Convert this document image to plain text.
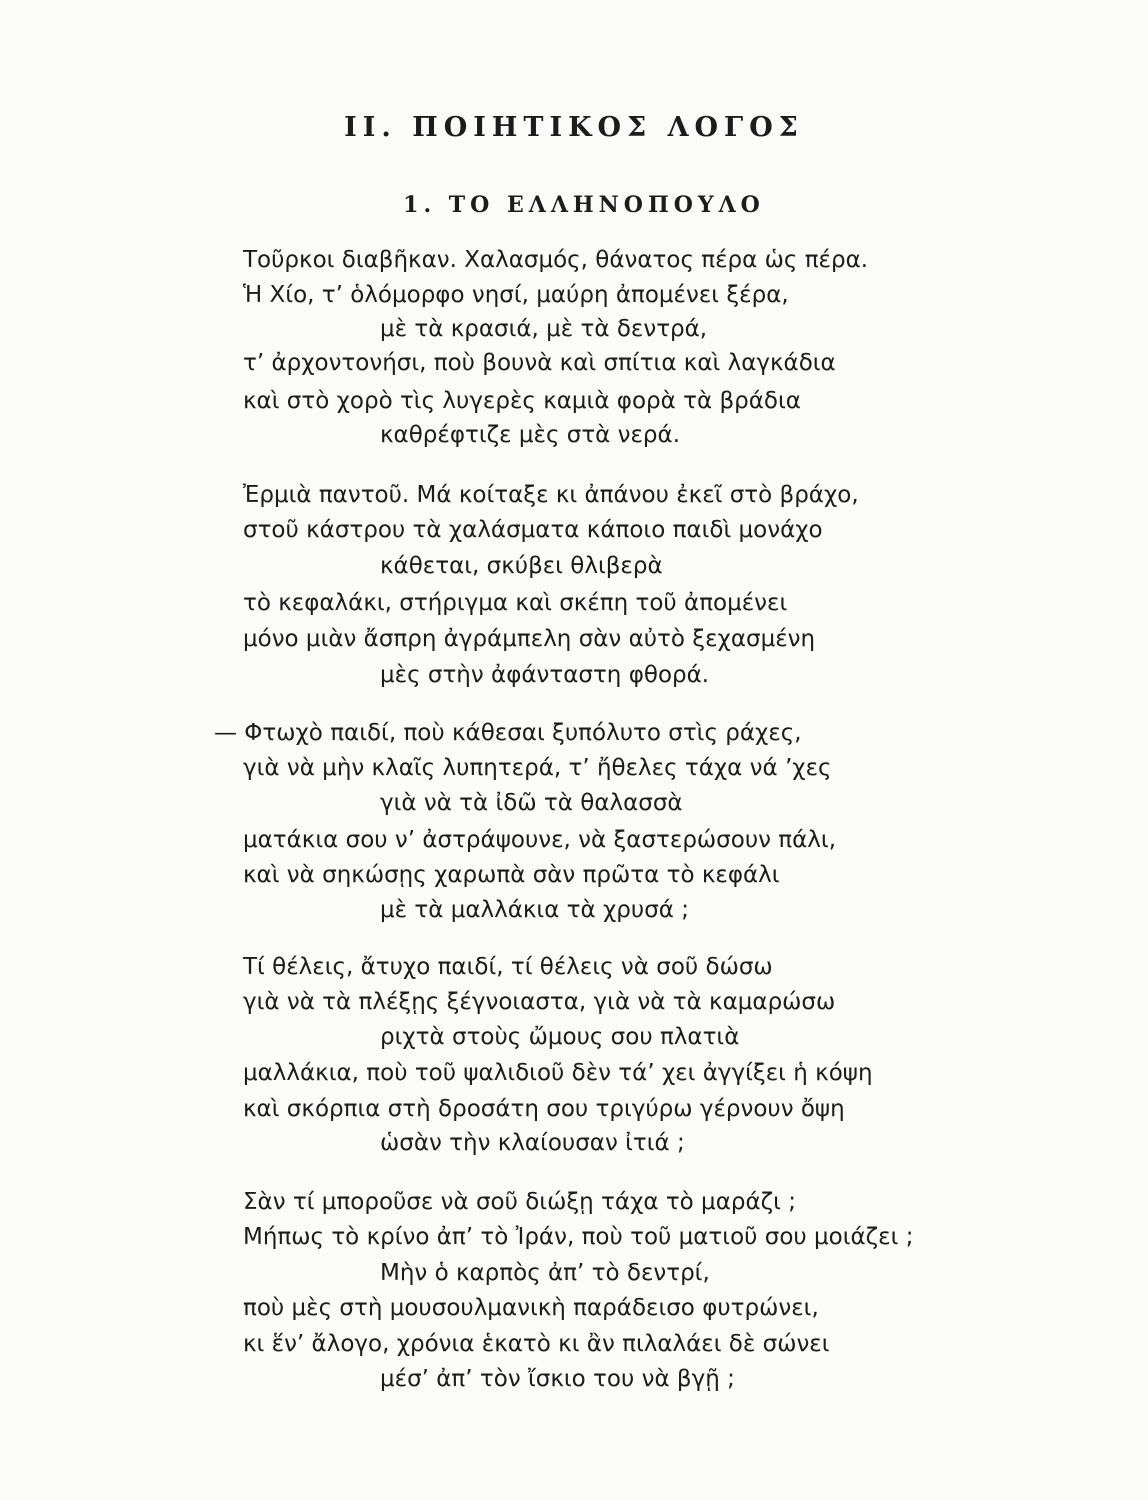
ΙΙ. ΠΟΙΗΤΙΚΟΣ ΛΟΓΟΣ
1. ΤΟ ΕΛΛΗΝΟΠΟΥΛΟ
Τοῦρκοι διαβῆκαν. Χαλασμός, θάνατος πέρα ὡς πέρα.
Ἡ Χίο, τ’ ὁλόμορφο νησί, μαύρη ἀπομένει ξέρα,
μὲ τὰ κρασιά, μὲ τὰ δεντρά,
τ’ ἀρχοντονήσι, ποὺ βουνὰ καὶ σπίτια καὶ λαγκάδια
καὶ στὸ χορὸ τὶς λυγερὲς καμιὰ φορὰ τὰ βράδια
καθρέφτιζε μὲς στὰ νερά.
Ἐρμιὰ παντοῦ. Μά κοίταξε κι ἀπάνου ἐκεῖ στὸ βράχο,
στοῦ κάστρου τὰ χαλάσματα κάποιο παιδὶ μονάχο
κάθεται, σκύβει θλιβερὰ
τὸ κεφαλάκι, στήριγμα καὶ σκέπη τοῦ ἀπομένει
μόνο μιὰν ἄσπρη ἀγράμπελη σὰν αὐτὸ ξεχασμένη
μὲς στὴν ἀφάνταστη φθορά.
— Φτωχὸ παιδί, ποὺ κάθεσαι ξυπόλυτο στὶς ράχες,
γιὰ νὰ μὴν κλαῖς λυπητερά, τ’ ἤθελες τάχα νά ’χες
γιὰ νὰ τὰ ἰδῶ τὰ θαλασσὰ
ματάκια σου ν’ ἀστράψουνε, νὰ ξαστερώσουν πάλι,
καὶ νὰ σηκώσῃς χαρωπὰ σὰν πρῶτα τὸ κεφάλι
μὲ τὰ μαλλάκια τὰ χρυσά ;
Τί θέλεις, ἄτυχο παιδί, τί θέλεις νὰ σοῦ δώσω
γιὰ νὰ τὰ πλέξῃς ξέγνοιαστα, γιὰ νὰ τὰ καμαρώσω
ριχτὰ στοὺς ὤμους σου πλατιὰ
μαλλάκια, ποὺ τοῦ ψαλιδιοῦ δὲν τά’ χει ἀγγίξει ἡ κόψη
καὶ σκόρπια στὴ δροσάτη σου τριγύρω γέρνουν ὄψη
ὡσὰν τὴν κλαίουσαν ἰτιά ;
Σὰν τί μποροῦσε νὰ σοῦ διώξῃ τάχα τὸ μαράζι ;
Μήπως τὸ κρίνο ἀπ’ τὸ Ἰράν, ποὺ τοῦ ματιοῦ σου μοιάζει ;
Μὴν ὁ καρπὸς ἀπ’ τὸ δεντρί,
ποὺ μὲς στὴ μουσουλμανικὴ παράδεισο φυτρώνει,
κι ἕν’ ἄλογο, χρόνια ἑκατὸ κι ἂν πιλαλάει δὲ σώνει
μέσ’ ἀπ’ τὸν ἴσκιο του νὰ βγῇ ;
